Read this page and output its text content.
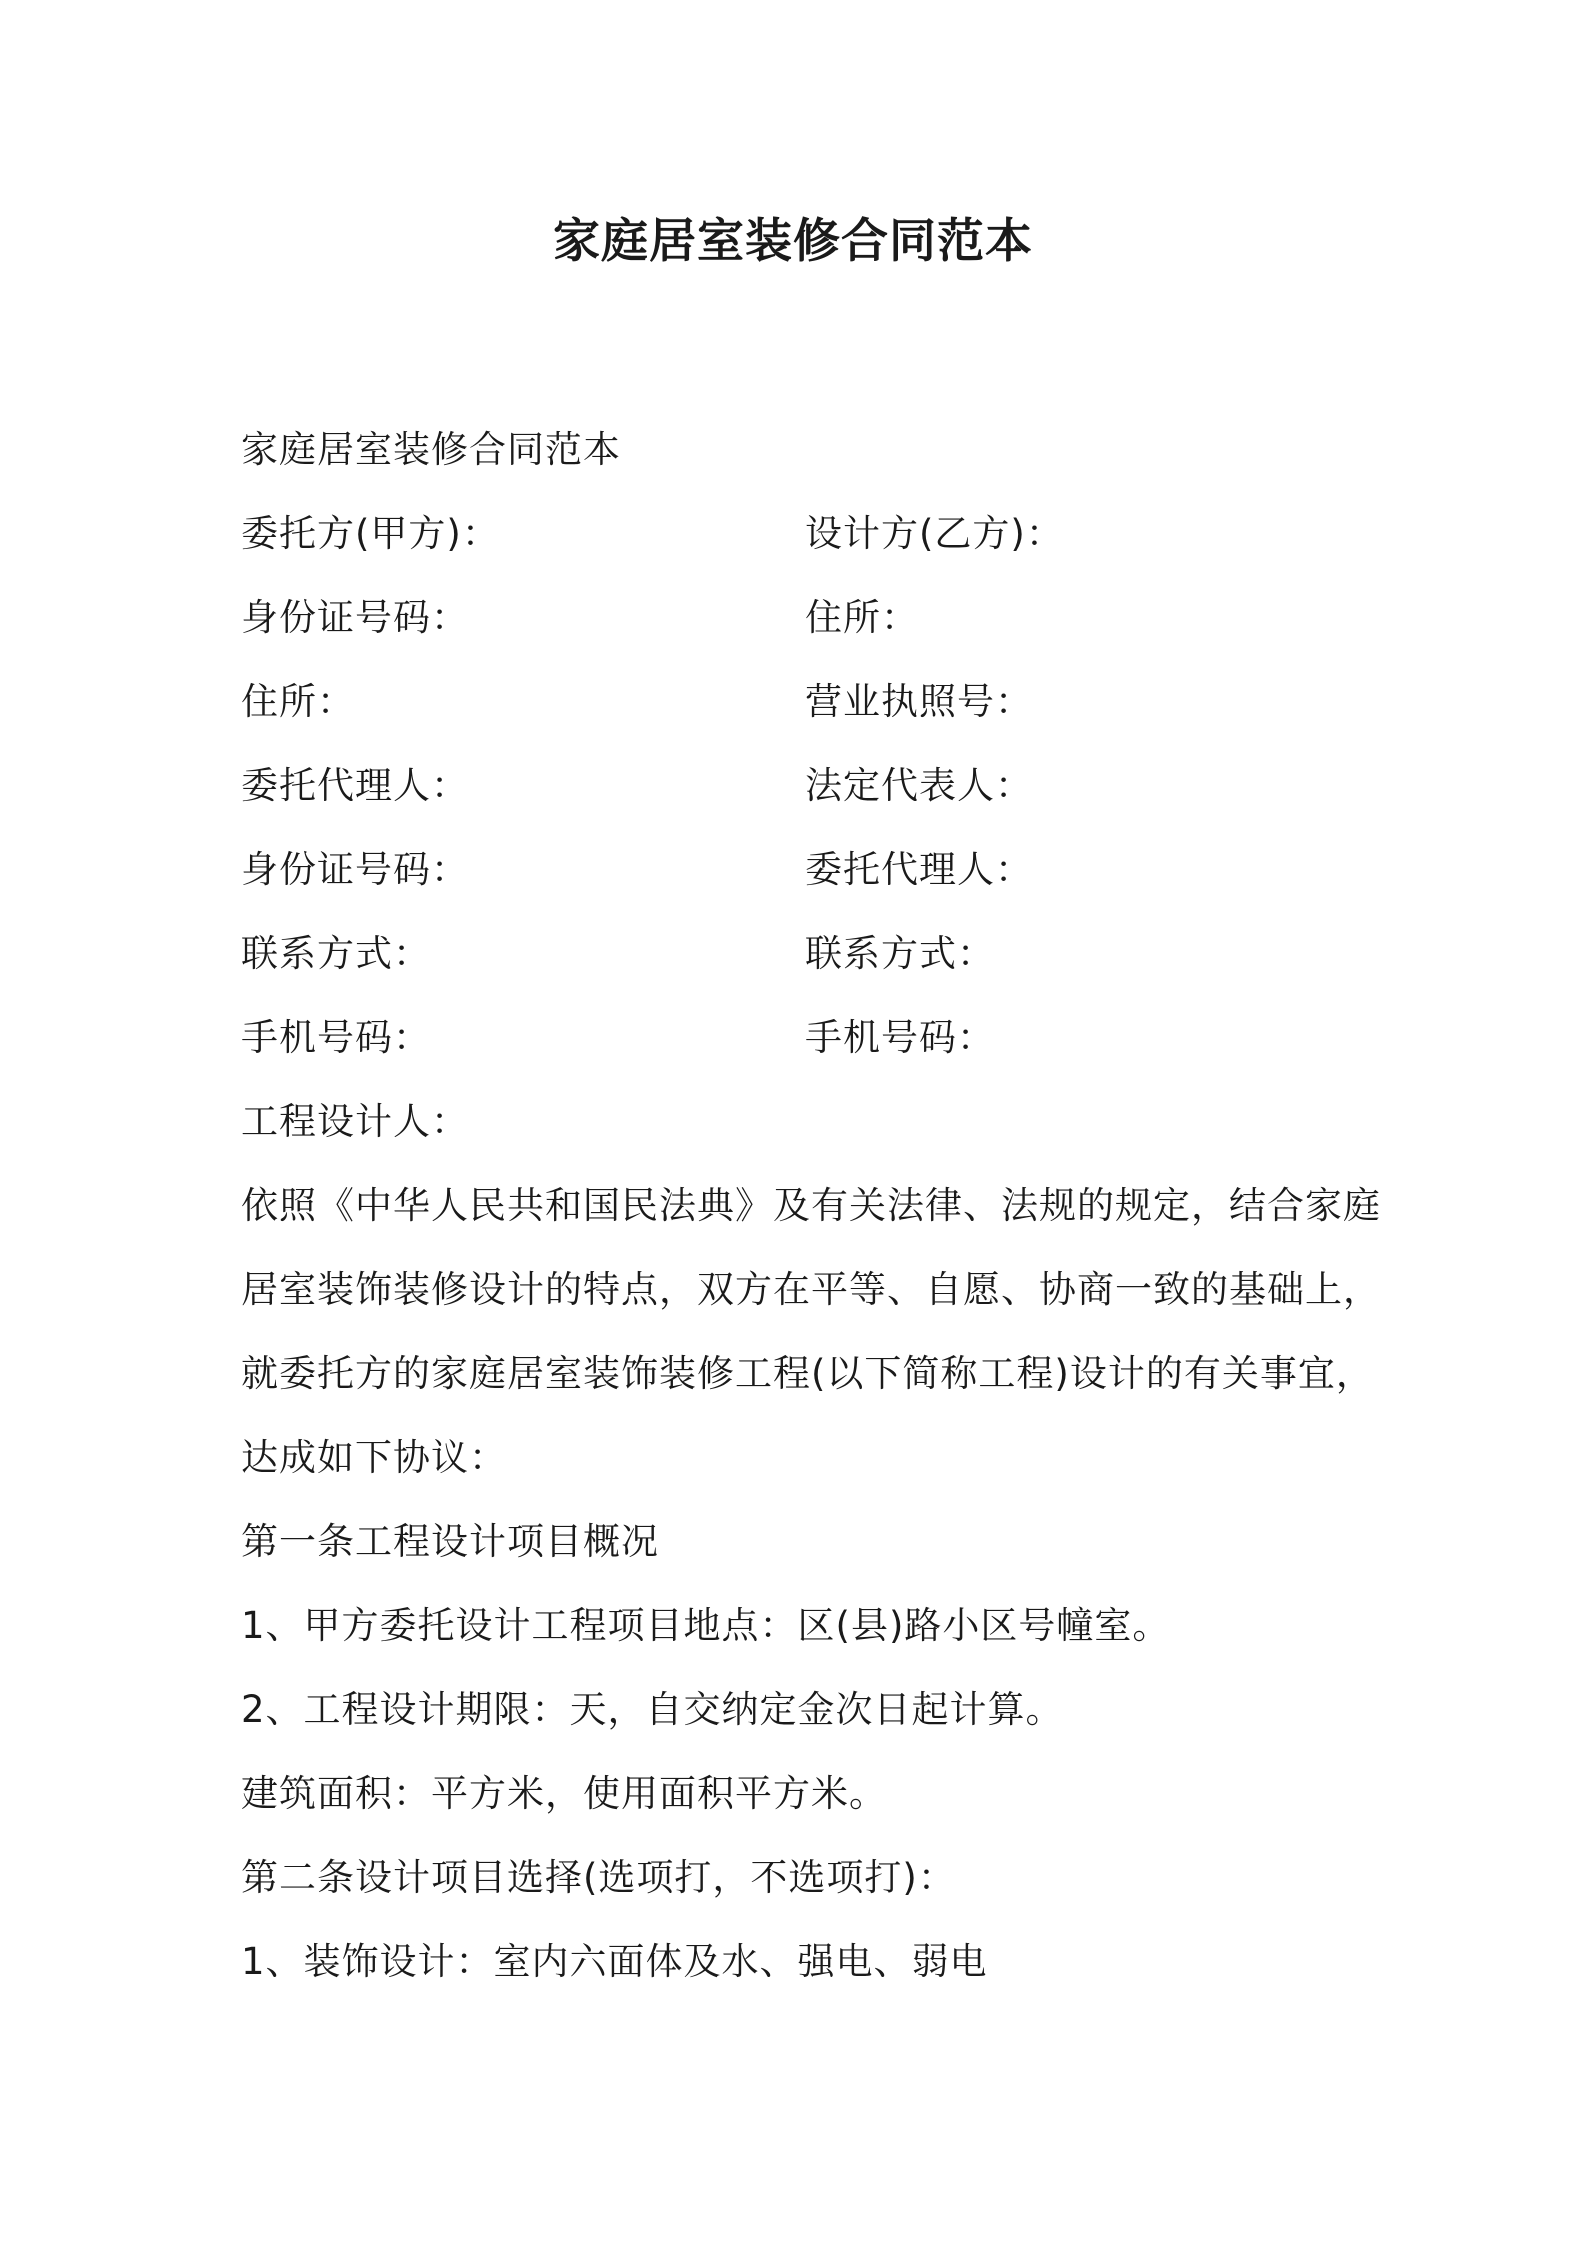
家庭居室装修合同范本
家庭居室装修合同范本
委托方(甲方)：	设计方(乙方)：
身份证号码：	住所：
住所：	营业执照号：
委托代理人：	法定代表人：
身份证号码：	委托代理人：
联系方式：	联系方式：
手机号码：	手机号码：
工程设计人：
依照《中华人民共和国民法典》及有关法律、法规的规定，结合家庭
居室装饰装修设计的特点，双方在平等、自愿、协商一致的基础上，
就委托方的家庭居室装饰装修工程(以下简称工程)设计的有关事宜，
达成如下协议：
第一条工程设计项目概况
1、甲方委托设计工程项目地点：区(县)路小区号幢室。
2、工程设计期限：天，自交纳定金次日起计算。
建筑面积：平方米，使用面积平方米。
第二条设计项目选择(选项打，不选项打)：
1、装饰设计：室内六面体及水、强电、弱电
